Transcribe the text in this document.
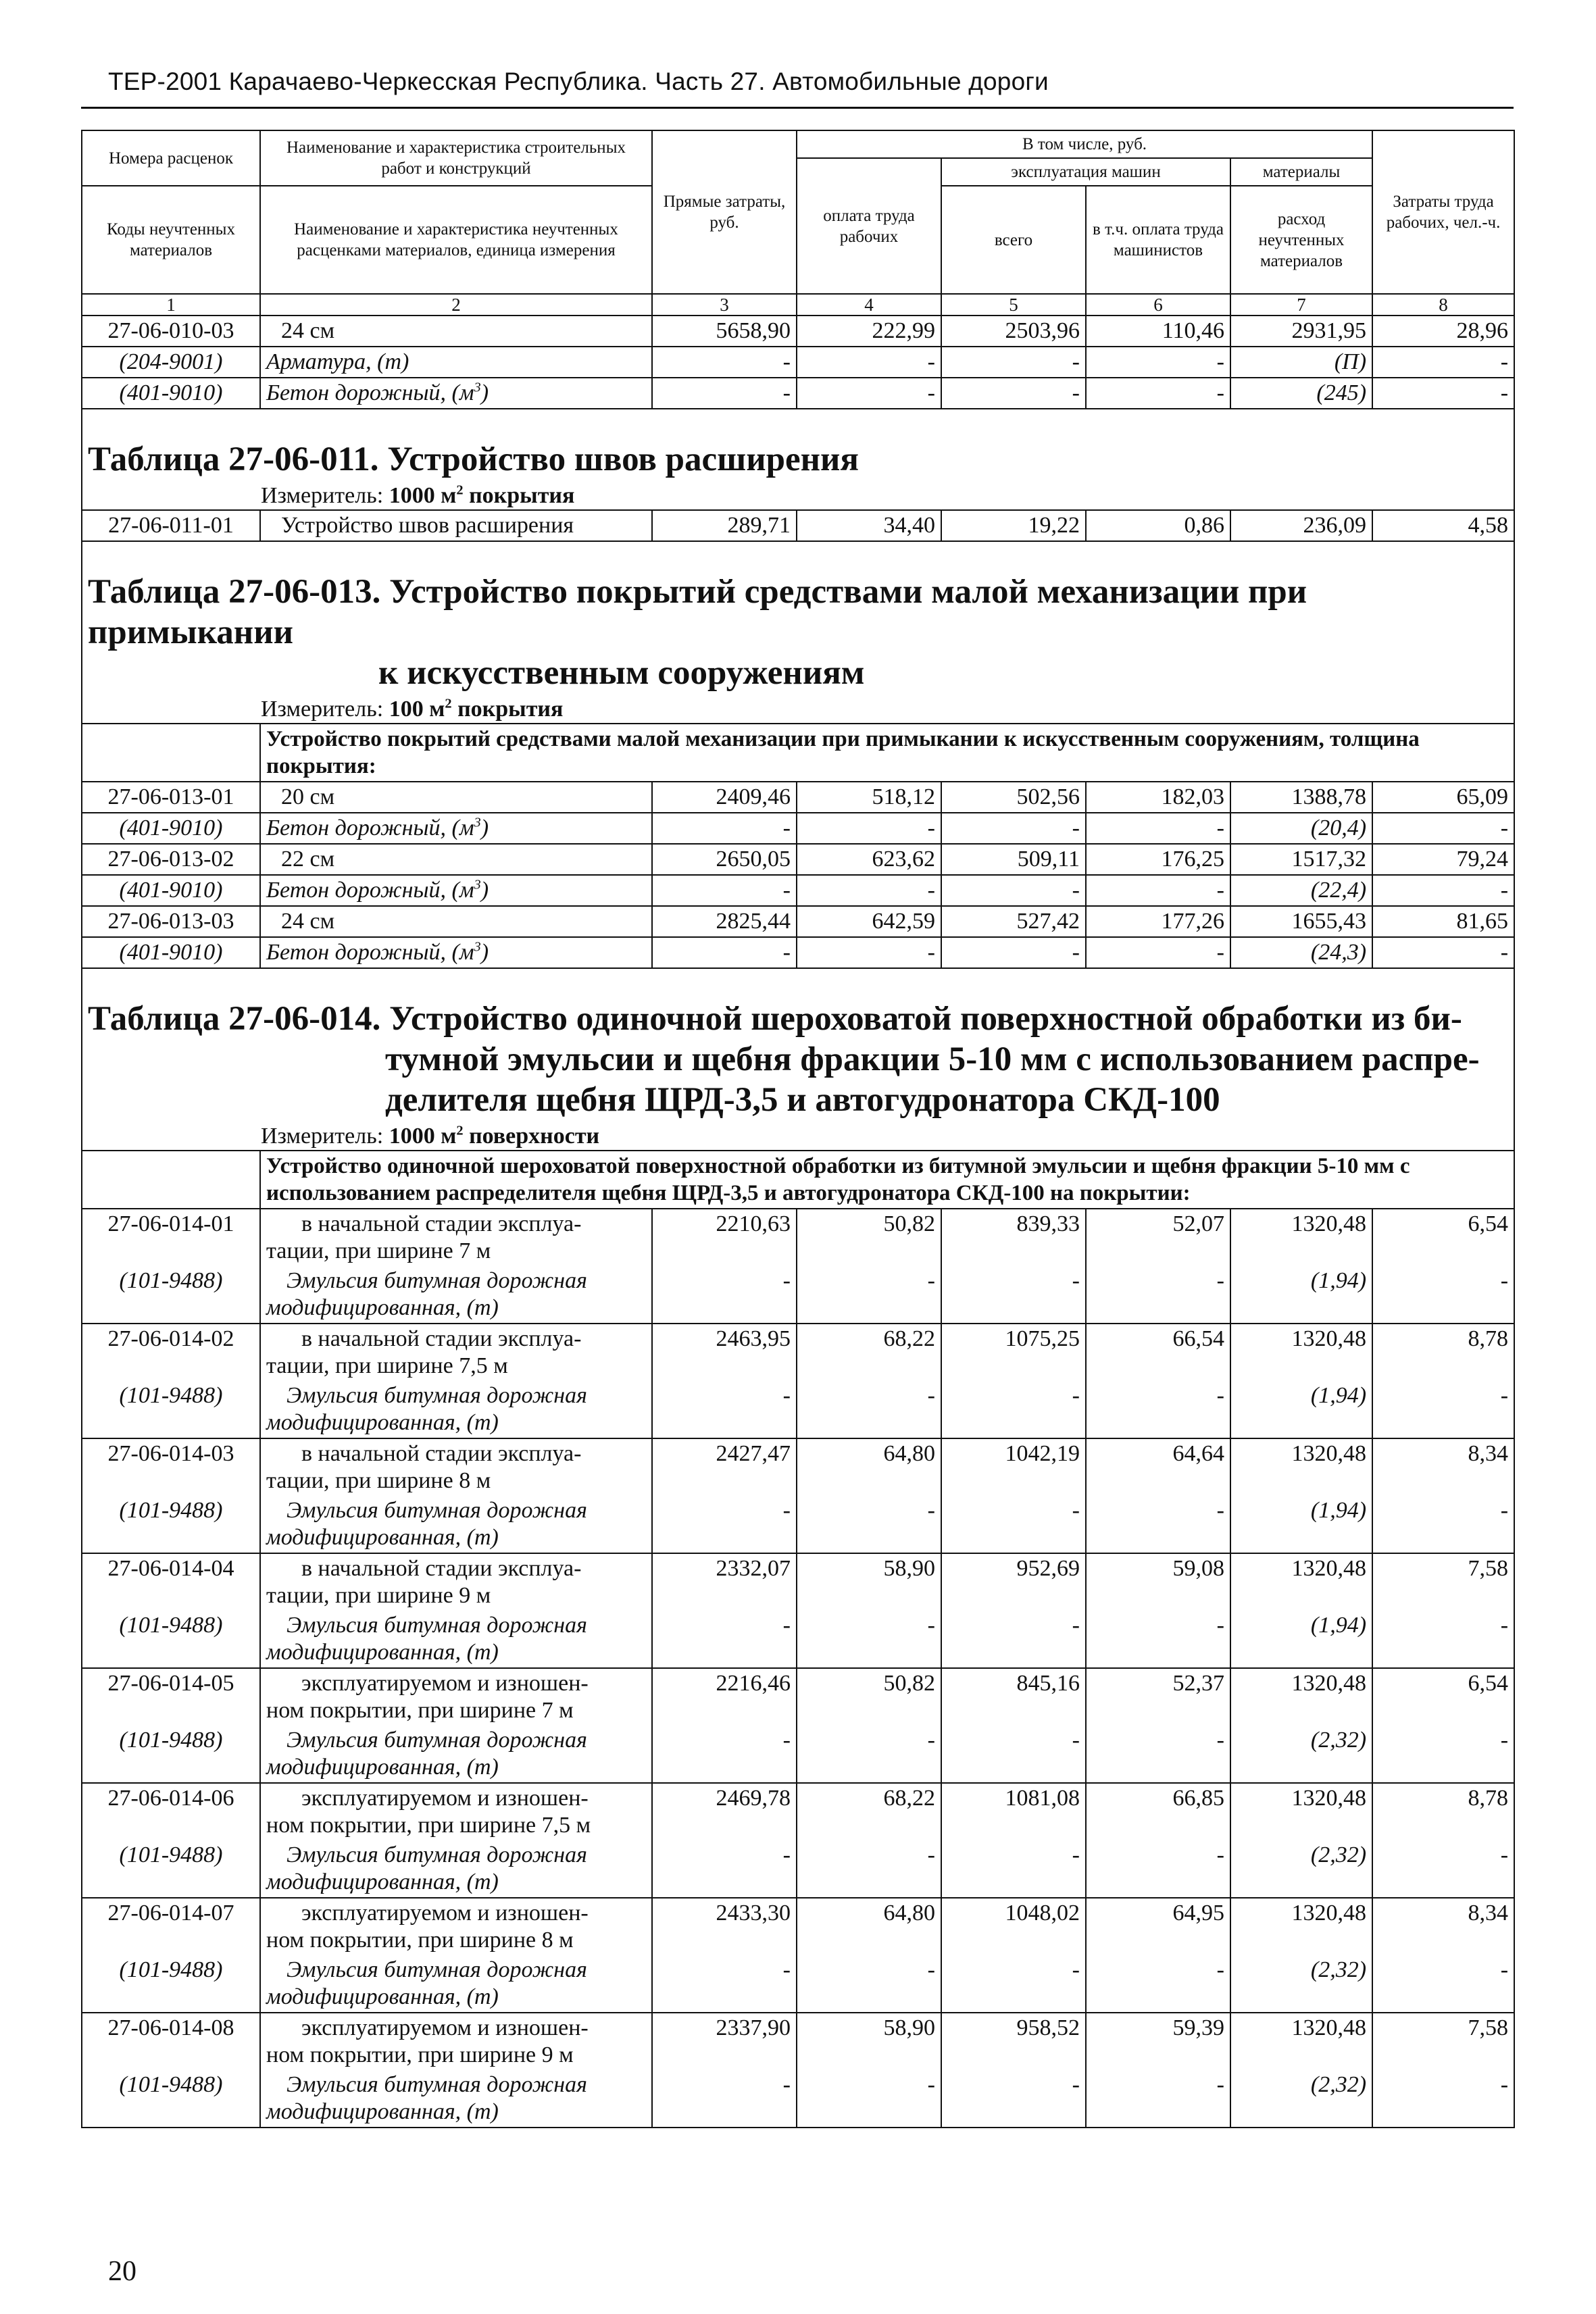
ТЕР-2001 Карачаево-Черкесская Республика. Часть 27. Автомобильные дороги
Номера расценок	Наименование и характеристика строительных работ и конструкций	Прямые затраты, руб.	В том числе, руб.				Затраты труда рабочих, чел.-ч.
			оплата труда рабочих	эксплуатация машин		материалы	
Коды неучтенных материалов	Наименование и характеристика неучтенных расценками материалов, единица измерения			всего	в т.ч. оплата труда машинистов	расход неучтенных материалов	

1	2	3	4	5	6	7	8
27-06-010-03	24 см	5658,90	222,99	2503,96	110,46	2931,95	28,96
(204-9001)	Арматура, (т)	-	-	-	-	(П)	-
(401-9010)	Бетон дорожный, $(м^3)$	-	-	-	-	(245)	-

Таблица 27-06-011. Устройство швов расширения							
Измеритель: 1000 $м^2$ покрытия							
27-06-011-01	Устройство швов расширения	289,71	34,40	19,22	0,86	236,09	4,58

Таблица 27-06-013. Устройство покрытий средствами малой механизации при примыкании
к искусственным сооружениям							

Измеритель: 100 $м^2$ покрытия							
	Устройство покрытий средствами малой механизации при примыкании к искусственным сооружениям, толщина покрытия:						
27-06-013-01	20 см	2409,46	518,12	502,56	182,03	1388,78	65,09
(401-9010)	Бетон дорожный, $(м^3)$	-	-	-	-	(20,4)	-
27-06-013-02	22 см	2650,05	623,62	509,11	176,25	1517,32	79,24
(401-9010)	Бетон дорожный, $(м^3)$	-	-	-	-	(22,4)	-
27-06-013-03	24 см	2825,44	642,59	527,42	177,26	1655,43	81,65
(401-9010)	Бетон дорожный, $(м^3)$	-	-	-	-	(24,3)	-

Таблица 27-06-014. Устройство одиночной шероховатой поверхностной обработки из би-
тумной эмульсии и щебня фракции 5-10 мм с использованием распре-
делителя щебня ЩРД-3,5 и автогудронатора СКД-100							

Измеритель: 1000 $м^2$ поверхности							
	Устройство одиночной шероховатой поверхностной обработки из битумной эмульсии и щебня фракции 5-10 мм с использованием распределителя щебня ЩРД-3,5 и автогудронатора СКД-100 на покрытии:						
27-06-014-01	в начальной стадии эксплуа-
тации, при ширине 7 м	2210,63	50,82	839,33	52,07	1320,48	6,54
(101-9488)	Эмульсия битумная дорожная
модифицированная, (т)	-	-	-	-	(1,94)	-
27-06-014-02	в начальной стадии эксплуа-
тации, при ширине 7,5 м	2463,95	68,22	1075,25	66,54	1320,48	8,78
(101-9488)	Эмульсия битумная дорожная
модифицированная, (т)	-	-	-	-	(1,94)	-
27-06-014-03	в начальной стадии эксплуа-
тации, при ширине 8 м	2427,47	64,80	1042,19	64,64	1320,48	8,34
(101-9488)	Эмульсия битумная дорожная
модифицированная, (т)	-	-	-	-	(1,94)	-
27-06-014-04	в начальной стадии эксплуа-
тации, при ширине 9 м	2332,07	58,90	952,69	59,08	1320,48	7,58
(101-9488)	Эмульсия битумная дорожная
модифицированная, (т)	-	-	-	-	(1,94)	-
27-06-014-05	эксплуатируемом и изношен-
ном покрытии, при ширине 7 м	2216,46	50,82	845,16	52,37	1320,48	6,54
(101-9488)	Эмульсия битумная дорожная
модифицированная, (т)	-	-	-	-	(2,32)	-
27-06-014-06	эксплуатируемом и изношен-
ном покрытии, при ширине 7,5 м	2469,78	68,22	1081,08	66,85	1320,48	8,78
(101-9488)	Эмульсия битумная дорожная
модифицированная, (т)	-	-	-	-	(2,32)	-
27-06-014-07	эксплуатируемом и изношен-
ном покрытии, при ширине 8 м	2433,30	64,80	1048,02	64,95	1320,48	8,34
(101-9488)	Эмульсия битумная дорожная
модифицированная, (т)	-	-	-	-	(2,32)	-
27-06-014-08	эксплуатируемом и изношен-
ном покрытии, при ширине 9 м	2337,90	58,90	958,52	59,39	1320,48	7,58
(101-9488)	Эмульсия битумная дорожная
модифицированная, (т)	-	-	-	-	(2,32)	-
20
